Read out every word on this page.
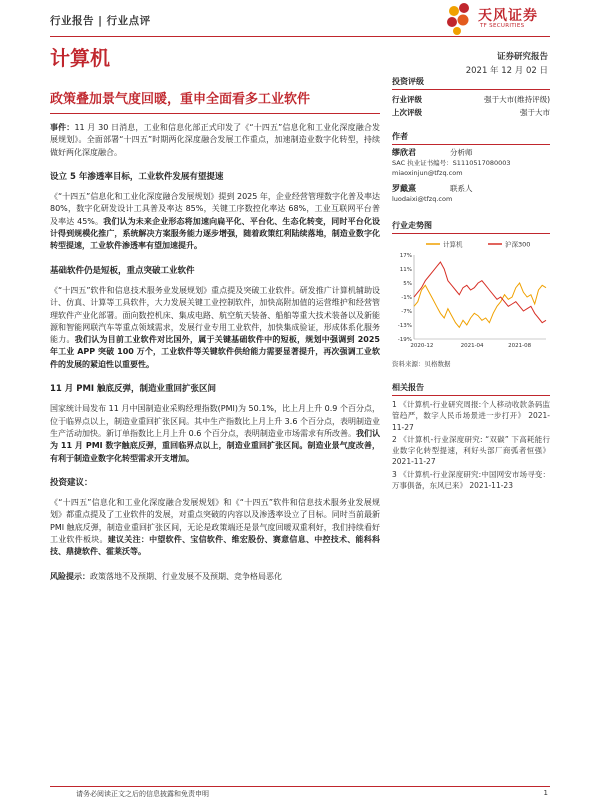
行业报告 | 行业点评	天风证券
TF SECURITIES
计算机	证券研究报告
2021 年 12 月 02 日
政策叠加景气度回暖，重申全面看多工业软件

事件：11 月 30 日消息，工业和信息化部正式印发了《“十四五”信息化和工业化深度融合发展规划》。全面部署“十四五”时期两化深度融合发展工作重点，加速制造业数字化转型，持续做好两化深度融合。

设立 5 年渗透率目标，工业软件发展有望提速

《“十四五”信息化和工业化深度融合发展规划》提到 2025 年，企业经营管理数字化普及率达 80%，数字化研发设计工具普及率达 85%，关键工序数控化率达 68%，工业互联网平台普及率达 45%。我们认为未来企业形态将加速向扁平化、平台化、生态化转变，同时平台化设计得到规模化推广，系统解决方案服务能力逐步增强，随着政策红利陆续落地，制造业数字化转型提速，工业软件渗透率有望加速提升。

基础软件仍是短板，重点突破工业软件

《“十四五”软件和信息技术服务业发展规划》重点提及突破工业软件。研发推广计算机辅助设计、仿真、计算等工具软件，大力发展关键工业控制软件，加快高附加值的运营维护和经营管理软件产业化部署。面向数控机床、集成电路、航空航天装备、船舶等重大技术装备以及新能源和智能网联汽车等重点领域需求，发展行业专用工业软件，加快集成验证，形成体系化服务能力。我们认为目前工业软件对比国外，属于关键基础软件中的短板，规划中强调到 2025 年工业 APP 突破 100 万个，工业软件等关键软件供给能力需要显著提升，再次强调工业软件的发展的紧迫性以重要性。

11 月 PMI 触底反弹，制造业重回扩张区间

国家统计局发布 11 月中国制造业采购经理指数(PMI)为 50.1%，比上月上升 0.9 个百分点，位于临界点以上，制造业重回扩张区间。其中生产指数比上月上升 3.6 个百分点，表明制造业生产活动加快。新订单指数比上月上升 0.6 个百分点，表明制造业市场需求有所改善。我们认为 11 月 PMI 数字触底反弹，重回临界点以上，制造业重回扩张区间。制造业景气度改善，有利于制造业数字化转型需求开支增加。

投资建议：

《“十四五”信息化和工业化深度融合发展规划》和《“十四五”软件和信息技术服务业发展规划》都重点提及了工业软件的发展，对重点突破的内容以及渗透率设立了目标。同时当前最新 PMI 触底反弹，制造业重回扩张区间，无论是政策端还是景气度回暖双重利好，我们持续看好工业软件板块。建议关注：中望软件、宝信软件、维宏股份、赛意信息、中控技术、能科科技、鼎捷软件、霍莱沃等。

风险提示：政策落地不及预期、行业发展不及预期、竞争格局恶化

投资评级
行业评级	强于大市(维持评级)
上次评级	强于大市
作者
缪欣君	分析师
SAC 执业证书编号：S1110517080003
miaoxinjun@tfzq.com
罗戴熹	联系人
luodaixi@tfzq.com
行业走势图
计算机	沪深300
17%
11%
5%
-1%
-7%
-13%
-19%
2020-12	2021-04	2021-08
资料来源：贝格数据
相关报告
1 《计算机-行业研究周报:个人移动收款条码监管趋严，数字人民币场景进一步打开》 2021-11-27
2 《计算机-行业深度研究: “双碳” 下高耗能行业数字化转型提速，利好头部厂商弧者恒强》 2021-11-27
3 《计算机-行业深度研究:中国网安市场寻变：万事俱备，东风已来》 2021-11-23
请务必阅读正文之后的信息披露和免责申明	1
